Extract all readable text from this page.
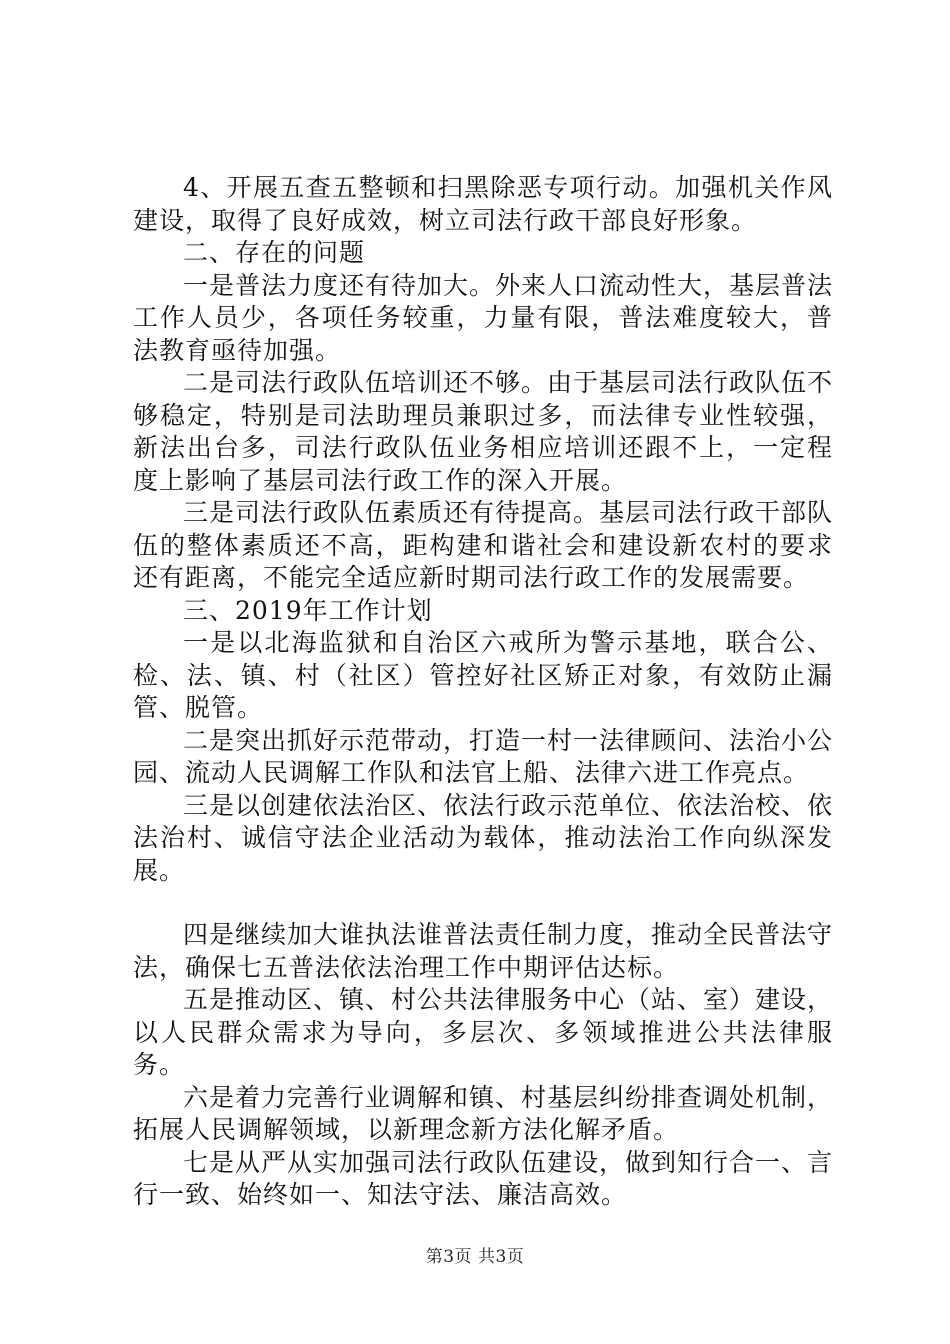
4、开展五查五整顿和扫黑除恶专项行动。加强机关作风建设，取得了良好成效，树立司法行政干部良好形象。

二、存在的问题

一是普法力度还有待加大。外来人口流动性大，基层普法工作人员少，各项任务较重，力量有限，普法难度较大，普法教育亟待加强。

二是司法行政队伍培训还不够。由于基层司法行政队伍不够稳定，特别是司法助理员兼职过多，而法律专业性较强，新法出台多，司法行政队伍业务相应培训还跟不上，一定程度上影响了基层司法行政工作的深入开展。

三是司法行政队伍素质还有待提高。基层司法行政干部队伍的整体素质还不高，距构建和谐社会和建设新农村的要求还有距离，不能完全适应新时期司法行政工作的发展需要。

三、2019年工作计划

一是以北海监狱和自治区六戒所为警示基地，联合公、检、法、镇、村（社区）管控好社区矫正对象，有效防止漏管、脱管。

二是突出抓好示范带动，打造一村一法律顾问、法治小公园、流动人民调解工作队和法官上船、法律六进工作亮点。

三是以创建依法治区、依法行政示范单位、依法治校、依法治村、诚信守法企业活动为载体，推动法治工作向纵深发展。

四是继续加大谁执法谁普法责任制力度，推动全民普法守法，确保七五普法依法治理工作中期评估达标。

五是推动区、镇、村公共法律服务中心（站、室）建设，以人民群众需求为导向，多层次、多领域推进公共法律服务。

六是着力完善行业调解和镇、村基层纠纷排查调处机制，拓展人民调解领域，以新理念新方法化解矛盾。

七是从严从实加强司法行政队伍建设，做到知行合一、言行一致、始终如一、知法守法、廉洁高效。

第3页 共3页
